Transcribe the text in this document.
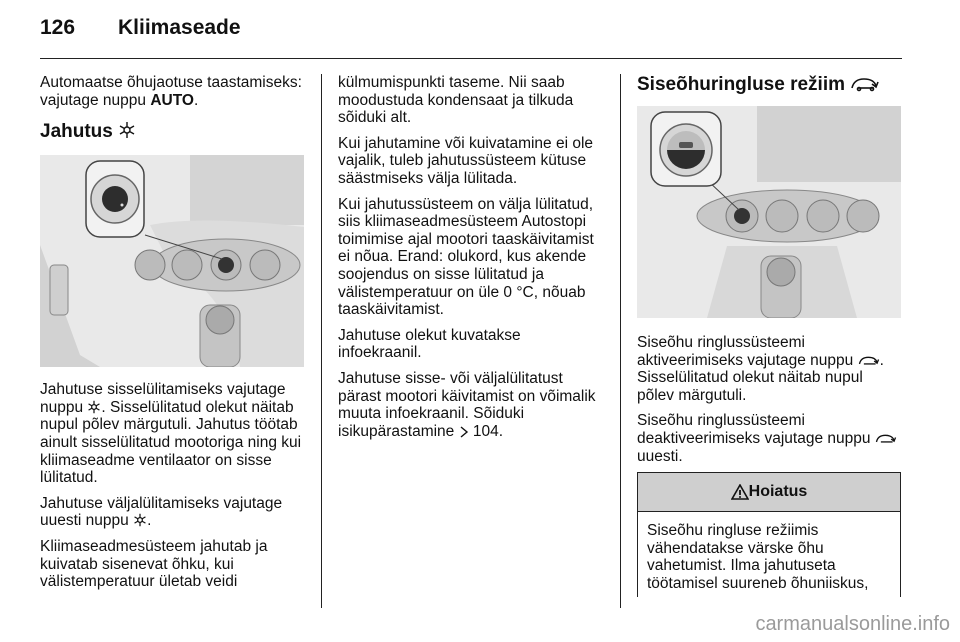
126	Kliimaseade

Automaatse õhujaotuse taastamiseks: vajutage nuppu AUTO.

Jahutus

Jahutuse sisselülitamiseks vajutage nuppu . Sisselülitatud olekut näitab nupul põlev märgutuli. Jahutus töötab ainult sisselülitatud mootoriga ning kui kliimaseadme ventilaator on sisse lülitatud.

Jahutuse väljalülitamiseks vajutage uuesti nuppu .

Kliimaseadmesüsteem jahutab ja kuivatab sisenevat õhku, kui välistemperatuur ületab veidi

külmumispunkti taseme. Nii saab moodustuda kondensaat ja tilkuda sõiduki alt.

Kui jahutamine või kuivatamine ei ole vajalik, tuleb jahutussüsteem kütuse säästmiseks välja lülitada.

Kui jahutussüsteem on välja lülitatud, siis kliimaseadmesüsteem Autostopi toimimise ajal mootori taaskäivitamist ei nõua. Erand: olukord, kus akende soojendus on sisse lülitatud ja välistemperatuur on üle 0 °C, nõuab taaskäivitamist.

Jahutuse olekut kuvatakse infoekraanil.

Jahutuse sisse- või väljalülitatust pärast mootori käivitamist on võimalik muuta infoekraanil. Sõiduki isikupärastamine  104.

Siseõhuringluse režiim

Siseõhu ringlussüsteemi aktiveerimiseks vajutage nuppu . Sisselülitatud olekut näitab nupul põlev märgutuli.

Siseõhu ringlussüsteemi deaktiveerimiseks vajutage nuppu  uuesti.

Hoiatus
Siseõhu ringluse režiimis vähendatakse värske õhu vahetumist. Ilma jahutuseta töötamisel suureneb õhuniiskus,
carmanualsonline.info
